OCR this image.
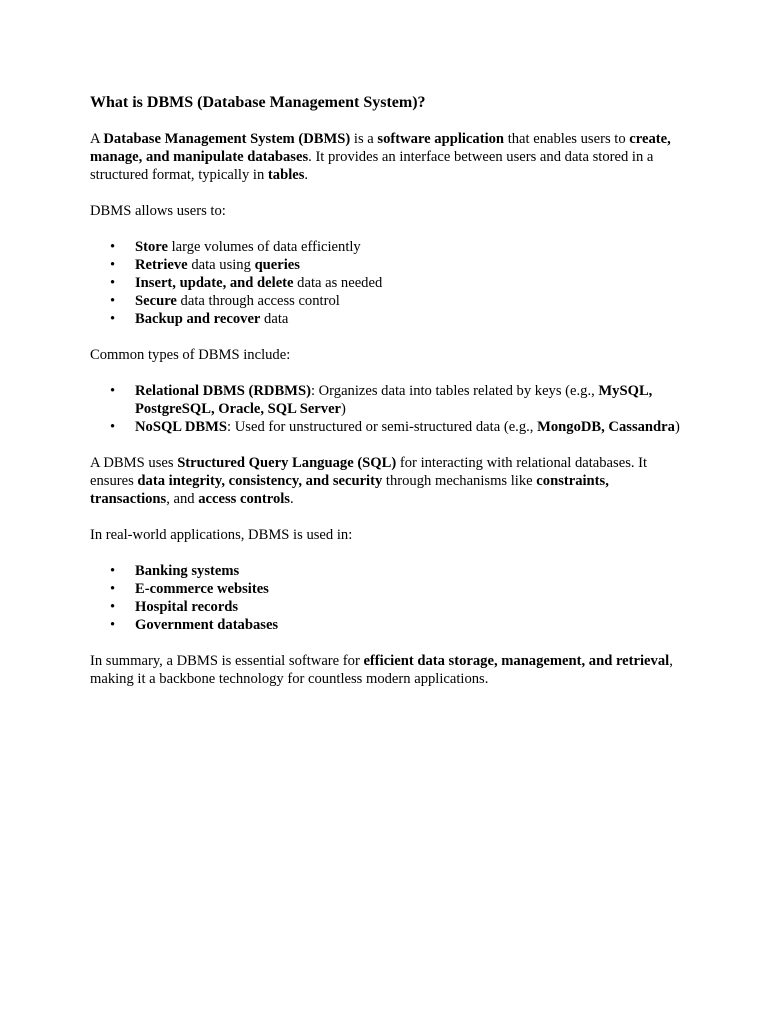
What is DBMS (Database Management System)?

A Database Management System (DBMS) is a software application that enables users to create, manage, and manipulate databases. It provides an interface between users and data stored in a structured format, typically in tables.

DBMS allows users to:

• Store large volumes of data efficiently
• Retrieve data using queries
• Insert, update, and delete data as needed
• Secure data through access control
• Backup and recover data

Common types of DBMS include:

• Relational DBMS (RDBMS): Organizes data into tables related by keys (e.g., MySQL, PostgreSQL, Oracle, SQL Server)
• NoSQL DBMS: Used for unstructured or semi-structured data (e.g., MongoDB, Cassandra)

A DBMS uses Structured Query Language (SQL) for interacting with relational databases. It ensures data integrity, consistency, and security through mechanisms like constraints, transactions, and access controls.

In real-world applications, DBMS is used in:

• Banking systems
• E-commerce websites
• Hospital records
• Government databases

In summary, a DBMS is essential software for efficient data storage, management, and retrieval, making it a backbone technology for countless modern applications.
